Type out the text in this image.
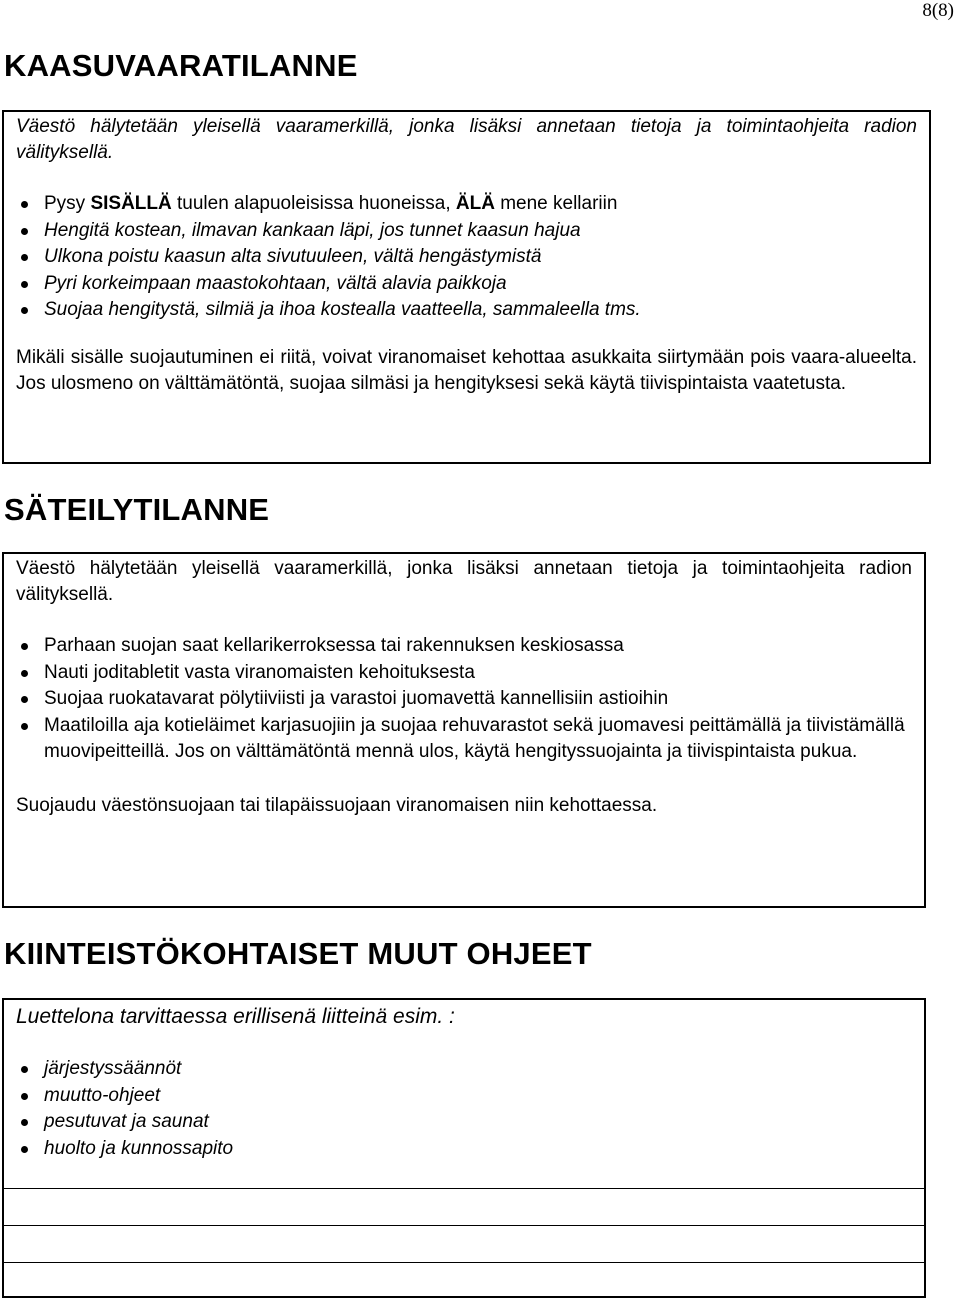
8(8)
KAASUVAARATILANNE

Väestö hälytetään yleisellä vaaramerkillä, jonka lisäksi annetaan tietoja ja toimintaohjeita radion välityksellä.

Pysy SISÄLLÄ tuulen alapuoleisissa huoneissa, ÄLÄ mene kellariin
Hengitä kostean, ilmavan kankaan läpi, jos tunnet kaasun hajua
Ulkona poistu kaasun alta sivutuuleen, vältä hengästymistä
Pyri korkeimpaan maastokohtaan, vältä alavia paikkoja
Suojaa hengitystä, silmiä ja ihoa kostealla vaatteella, sammaleella tms.

Mikäli sisälle suojautuminen ei riitä, voivat viranomaiset kehottaa asukkaita siirtymään pois vaara-alueelta. Jos ulosmeno on välttämätöntä, suojaa silmäsi ja hengityksesi sekä käytä tiivispintaista vaatetusta.

SÄTEILYTILANNE

Väestö hälytetään yleisellä vaaramerkillä, jonka lisäksi annetaan tietoja ja toimintaohjeita radion välityksellä.

Parhaan suojan saat kellarikerroksessa tai rakennuksen keskiosassa
Nauti joditabletit vasta viranomaisten kehoituksesta
Suojaa ruokatavarat pölytiiviisti ja varastoi juomavettä kannellisiin astioihin
Maatiloilla aja kotieläimet karjasuojiin ja suojaa rehuvarastot sekä juomavesi peittämällä ja tiivistämällä muovipeitteillä. Jos on välttämätöntä mennä ulos, käytä hengityssuojainta ja tiivispintaista pukua.

Suojaudu väestönsuojaan tai tilapäissuojaan viranomaisen niin kehottaessa.

KIINTEISTÖKOHTAISET MUUT OHJEET

Luettelona tarvittaessa erillisenä liitteinä esim. :

järjestyssäännöt
muutto-ohjeet
pesutuvat ja saunat
huolto ja kunnossapito
